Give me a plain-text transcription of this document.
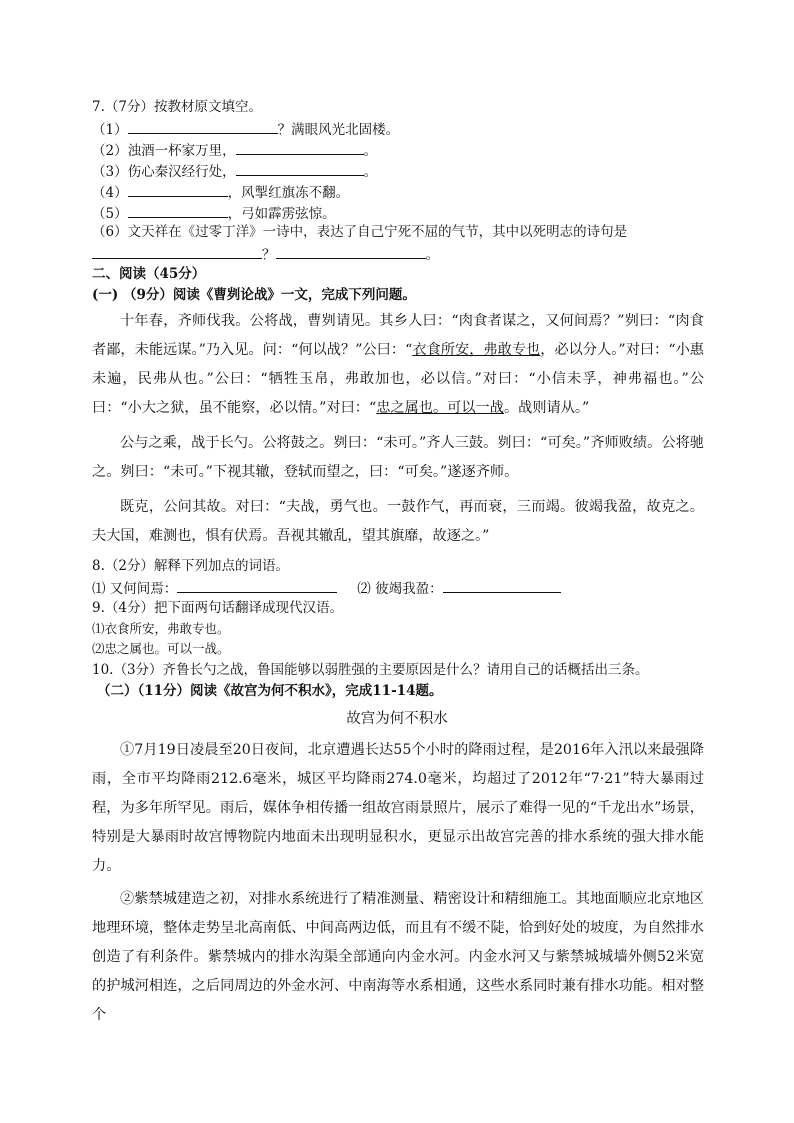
7.（7分）按教材原文填空。
（1）	？满眼风光北固楼。
（2）浊酒一杯家万里，	。
（3）伤心秦汉经行处，	。
（4）	，风掣红旗冻不翻。
（5）	，弓如霹雳弦惊。
（6）文天祥在《过零丁洋》一诗中，表达了自己宁死不屈的气节，其中以死明志的诗句是
？	。
二、阅读（45分）
(一) （9分）阅读《曹刿论战》一文，完成下列问题。
十年春，齐师伐我。公将战，曹刿请见。其乡人曰：“肉食者谋之，又何间焉？”刿曰：“肉食者鄙，未能远谋。”乃入见。问：“何以战？”公曰：“衣食所安，弗敢专也，必以分人。”对曰：“小惠未遍，民弗从也。”公曰：“牺牲玉帛，弗敢加也，必以信。”对曰：“小信未孚，神弗福也。”公曰：“小大之狱，虽不能察，必以情。”对曰：“忠之属也。可以一战。战则请从。”
公与之乘，战于长勺。公将鼓之。刿曰：“未可。”齐人三鼓。刿曰：“可矣。”齐师败绩。公将驰之。刿曰：“未可。”下视其辙，登轼而望之，曰：“可矣。”遂逐齐师。
既克，公问其故。对曰：“夫战，勇气也。一鼓作气，再而衰，三而竭。彼竭我盈，故克之。夫大国，难测也，惧有伏焉。吾视其辙乱，望其旗靡，故逐之。”
8.（2分）解释下列加点的词语。
⑴ 又何间焉：	⑵ 彼竭我盈：
9.（4分）把下面两句话翻译成现代汉语。
⑴衣食所安，弗敢专也。
⑵忠之属也。可以一战。
10.（3分）齐鲁长勺之战，鲁国能够以弱胜强的主要原因是什么？请用自己的话概括出三条。
（二）（11分）阅读《故宫为何不积水》，完成11-14题。
故宫为何不积水
①7月19日凌晨至20日夜间，北京遭遇长达55个小时的降雨过程，是2016年入汛以来最强降雨，全市平均降雨212.6毫米，城区平均降雨274.0毫米，均超过了2012年“7·21”特大暴雨过程，为多年所罕见。雨后，媒体争相传播一组故宫雨景照片，展示了难得一见的“千龙出水”场景，特别是大暴雨时故宫博物院内地面未出现明显积水，更显示出故宫完善的排水系统的强大排水能力。
②紫禁城建造之初，对排水系统进行了精准测量、精密设计和精细施工。其地面顺应北京地区地理环境，整体走势呈北高南低、中间高两边低，而且有不缓不陡，恰到好处的坡度，为自然排水创造了有利条件。紫禁城内的排水沟渠全部通向内金水河。内金水河又与紫禁城城墙外侧52米宽的护城河相连，之后同周边的外金水河、中南海等水系相通，这些水系同时兼有排水功能。相对整个
